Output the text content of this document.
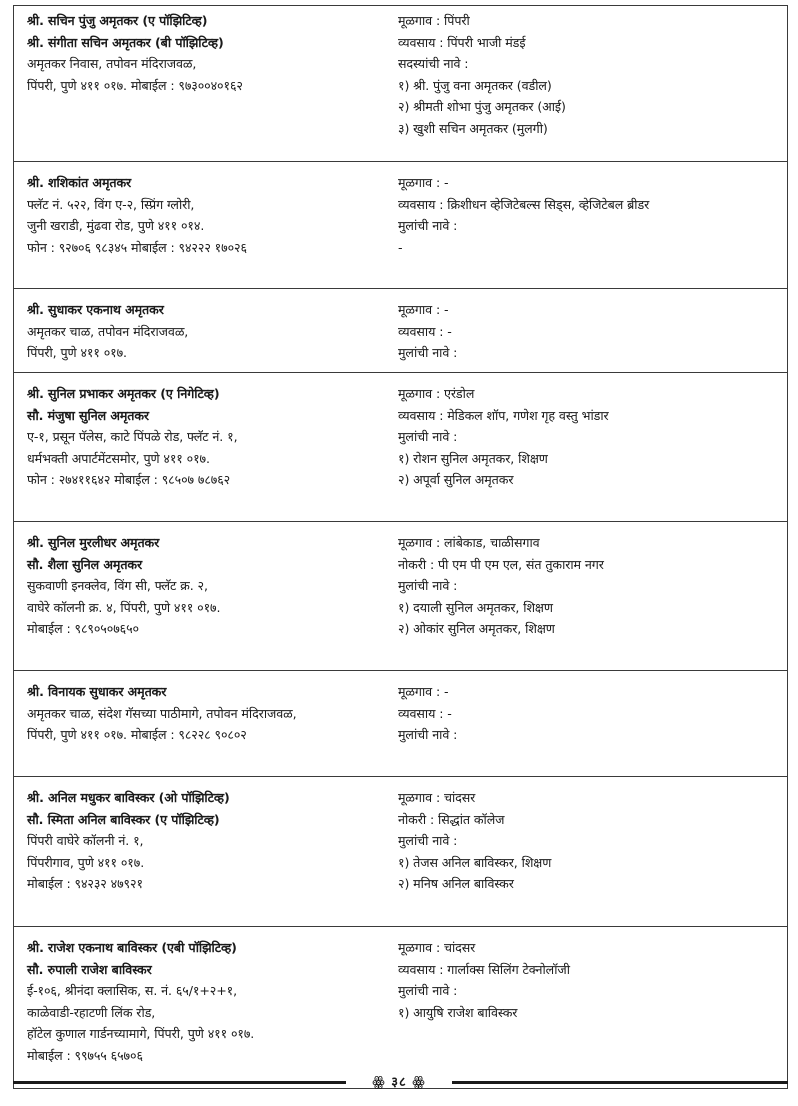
श्री. सचिन पुंजु अमृतकर (ए पॉझिटिव्ह)
श्री. संगीता सचिन अमृतकर (बी पॉझिटिव्ह)
अमृतकर निवास, तपोवन मंदिराजवळ,
पिंपरी, पुणे ४११ ०१७. मोबाईल : ९७३००४०१६२
मूळगाव : पिंपरी
व्यवसाय : पिंपरी भाजी मंडई
सदस्यांची नावे :
१) श्री. पुंजु वना अमृतकर (वडील)
२) श्रीमती शोभा पुंजु अमृतकर (आई)
३) खुशी सचिन अमृतकर (मुलगी)
श्री. शशिकांत अमृतकर
फ्लॅट नं. ५२२, विंग ए-२, स्प्रिंग ग्लोरी,
जुनी खराडी, मुंढवा रोड, पुणे ४११ ०१४.
फोन : ९२७०६ ९८३४५ मोबाईल : ९४२२२ १७०२६
मूळगाव : -
व्यवसाय : क्रिशीधन व्हेजिटेबल्स सिड्स, व्हेजिटेबल ब्रीडर
मुलांची नावे :
-
श्री. सुधाकर एकनाथ अमृतकर
अमृतकर चाळ, तपोवन मंदिराजवळ,
पिंपरी, पुणे ४११ ०१७.
मूळगाव : -
व्यवसाय : -
मुलांची नावे :
श्री. सुनिल प्रभाकर अमृतकर (ए निगेटिव्ह)
सौ. मंजुषा सुनिल अमृतकर
ए-१, प्रसून पॅलेस, काटे पिंपळे रोड, फ्लॅट नं. १,
धर्मभक्ती अपार्टमेंटसमोर, पुणे ४११ ०१७.
फोन : २७४११६४२ मोबाईल : ९८५०७ ७८७६२
मूळगाव : एरंडोल
व्यवसाय : मेडिकल शॉप, गणेश गृह वस्तु भांडार
मुलांची नावे :
१) रोशन सुनिल अमृतकर, शिक्षण
२) अपूर्वा सुनिल अमृतकर
श्री. सुनिल मुरलीधर अमृतकर
सौ. शैला सुनिल अमृतकर
सुकवाणी इनक्लेव, विंग सी, फ्लॅट क्र. २,
वाघेरे कॉलनी क्र. ४, पिंपरी, पुणे ४११ ०१७.
मोबाईल : ९८९०५०७६५०
मूळगाव : लांबेकाड, चाळीसगाव
नोकरी : पी एम पी एम एल, संत तुकाराम नगर
मुलांची नावे :
१) दयाली सुनिल अमृतकर, शिक्षण
२) ओकांर सुनिल अमृतकर, शिक्षण
श्री. विनायक सुधाकर अमृतकर
अमृतकर चाळ, संदेश गॅसच्या पाठीमागे, तपोवन मंदिराजवळ,
पिंपरी, पुणे ४११ ०१७. मोबाईल : ९८२२८ ९०८०२
मूळगाव : -
व्यवसाय : -
मुलांची नावे :
श्री. अनिल मधुकर बाविस्कर (ओ पॉझिटिव्ह)
सौ. स्मिता अनिल बाविस्कर (ए पॉझिटिव्ह)
पिंपरी वाघेरे कॉलनी नं. १,
पिंपरीगाव, पुणे ४११ ०१७.
मोबाईल : ९४२३२ ४७९२१
मूळगाव : चांदसर
नोकरी : सिद्धांत कॉलेज
मुलांची नावे :
१) तेजस अनिल बाविस्कर, शिक्षण
२) मनिष अनिल बाविस्कर
श्री. राजेश एकनाथ बाविस्कर (एबी पॉझिटिव्ह)
सौ. रुपाली राजेश बाविस्कर
ई-१०६, श्रीनंदा क्लासिक, स. नं. ६५/१+२+१,
काळेवाडी-रहाटणी लिंक रोड,
हॉटेल कुणाल गार्डनच्यामागे, पिंपरी, पुणे ४११ ०१७.
मोबाईल : ९९७५५ ६५७०६
मूळगाव : चांदसर
व्यवसाय : गार्लाक्स सिलिंग टेक्नोलॉजी
मुलांची नावे :
१) आयुषि राजेश बाविस्कर
ꙮ ३८ ꙮ
